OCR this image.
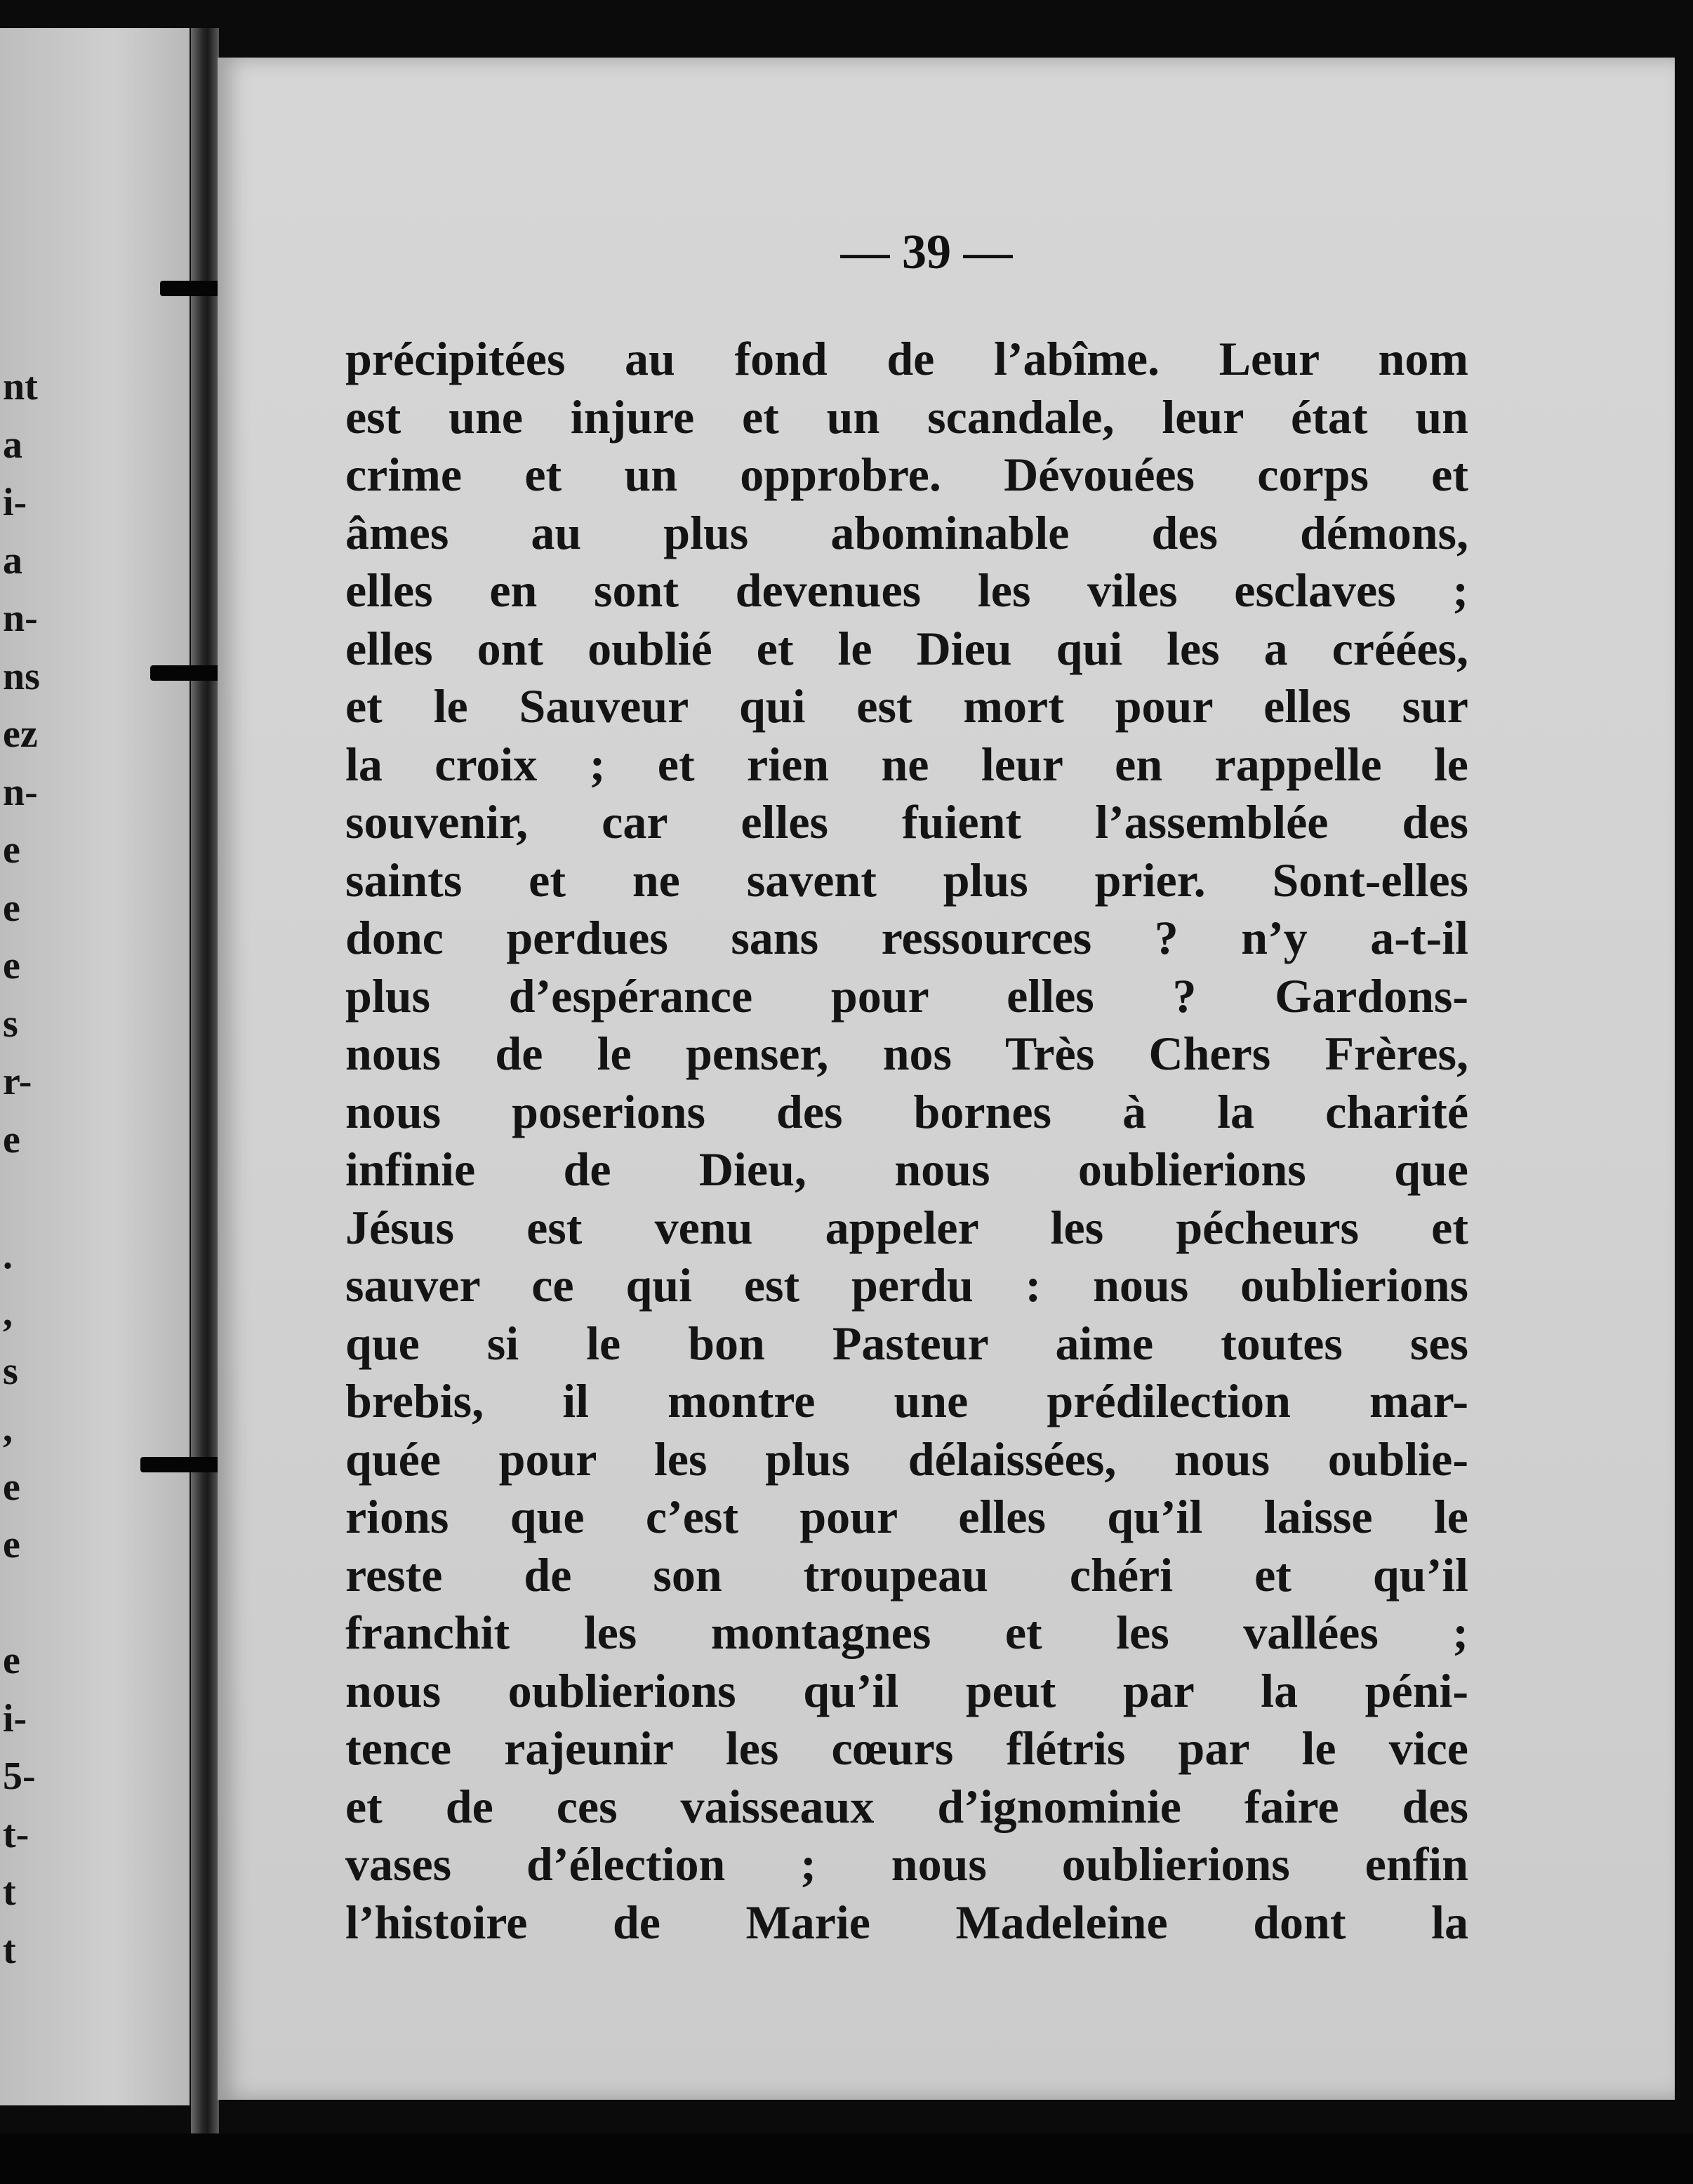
nt
a
i-
a
n-
ns
ez
n-
e
e
e
s
r-
e
.
,
s
,
e
e
e
i-
5-
t-
t
t
— 39 —
précipitées au fond de l’abîme. Leur nom
est une injure et un scandale, leur état un
crime et un opprobre. Dévouées corps et
âmes au plus abominable des démons,
elles en sont devenues les viles esclaves ;
elles ont oublié et le Dieu qui les a créées,
et le Sauveur qui est mort pour elles sur
la croix ; et rien ne leur en rappelle le
souvenir, car elles fuient l’assemblée des
saints et ne savent plus prier. Sont-elles
donc perdues sans ressources ? n’y a-t-il
plus d’espérance pour elles ? Gardons-
nous de le penser, nos Très Chers Frères,
nous poserions des bornes à la charité
infinie de Dieu, nous oublierions que
Jésus est venu appeler les pécheurs et
sauver ce qui est perdu : nous oublierions
que si le bon Pasteur aime toutes ses
brebis, il montre une prédilection mar-
quée pour les plus délaissées, nous oublie-
rions que c’est pour elles qu’il laisse le
reste de son troupeau chéri et qu’il
franchit les montagnes et les vallées ;
nous oublierions qu’il peut par la péni-
tence rajeunir les cœurs flétris par le vice
et de ces vaisseaux d’ignominie faire des
vases d’élection ; nous oublierions enfin
l’histoire de Marie Madeleine dont la
